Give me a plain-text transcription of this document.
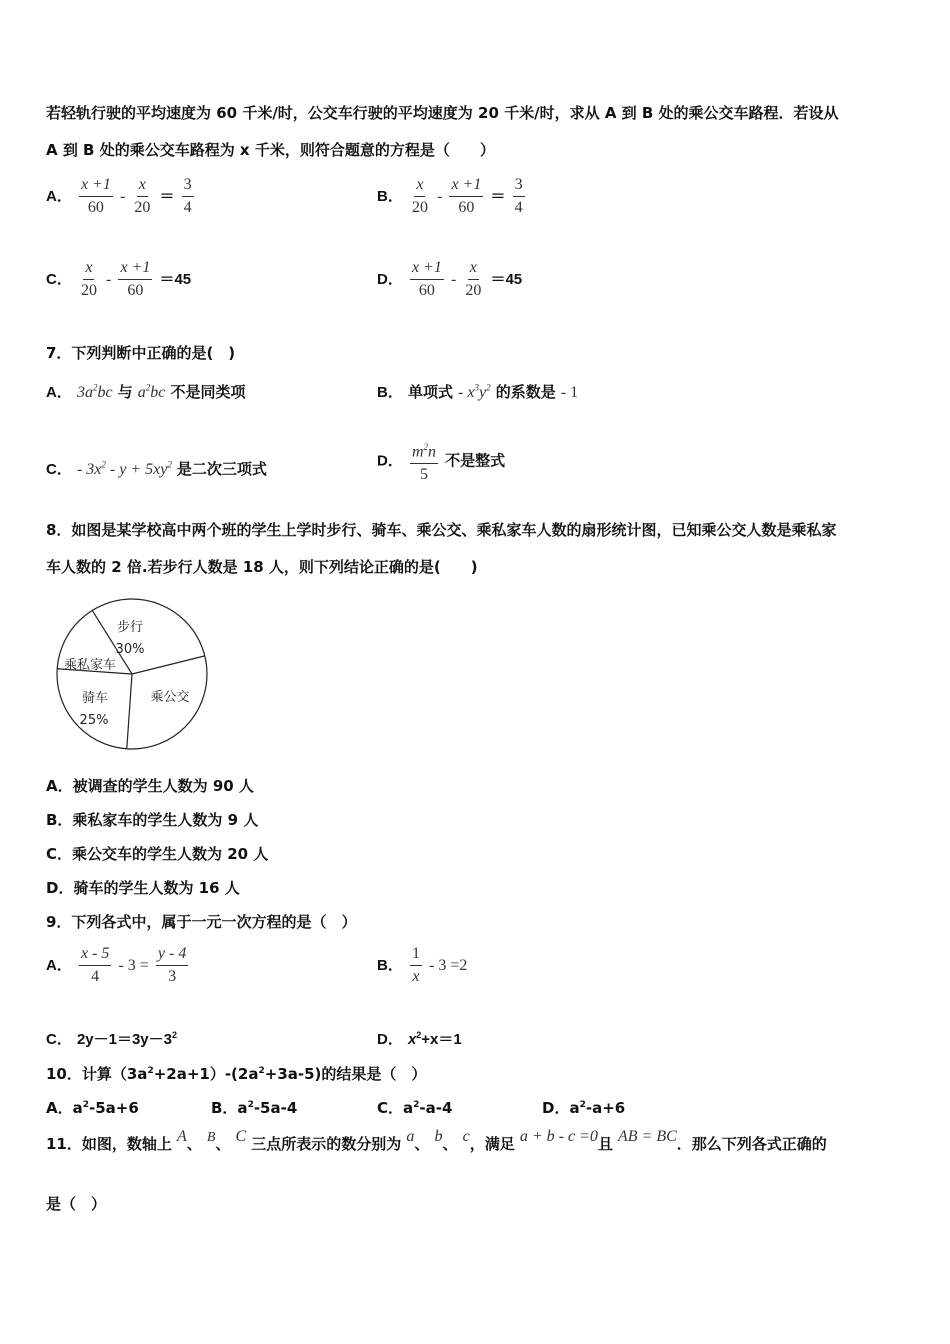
若轻轨行驶的平均速度为 60 千米/时，公交车行驶的平均速度为 20 千米/时，求从 A 到 B 处的乘公交车路程．若设从
A 到 B 处的乘公交车路程为 x 千米，则符合题意的方程是（　　）
A． $\frac{x +1}{60} - \frac{x}{20} = \frac{3}{4}$	B． $\frac{x}{20} - \frac{x +1}{60} = \frac{3}{4}$
C． $\frac{x}{20} - \frac{x +1}{60} =45$	D． $\frac{x +1}{60} - \frac{x}{20} =45$
7．下列判断中正确的是(　)
A． $3a^2bc$ 与 $a^2bc$ 不是同类项	B． 单项式 - $x^3y^2$ 的系数是 - 1
C． - $3x^2 - y + 5xy^2$ 是二次三项式	D． $\frac{m^2n}{5}$ 不是整式
8．如图是某学校高中两个班的学生上学时步行、骑车、乘公交、乘私家车人数的扇形统计图，已知乘公交人数是乘私家
车人数的 2 倍.若步行人数是 18 人，则下列结论正确的是(　　)
步行
30%
乘私家车
骑车
25%
乘公交
A．被调查的学生人数为 90 人
B．乘私家车的学生人数为 9 人
C．乘公交车的学生人数为 20 人
D．骑车的学生人数为 16 人
9．下列各式中，属于一元一次方程的是（　）
A． $\frac{x - 5}{4} - 3 = \frac{y - 4}{3}$	B． $\frac{1}{x} - 3 =2$
C． $2y-1=3y-3^2$	D． $x^2+x=1$
10．计算$(3a^2+2a+1)-(2a^2+3a-5)$的结果是（　）
A．$a^2-5a+6$	B．$a^2-5a-4$	C．$a^2-a-4$	D．$a^2-a+6$
11．如图，数轴上 A、 B、 C 三点所表示的数分别为 a、 b、 c，满足 a + b - c =0且 AB = BC．那么下列各式正确的
是（　）
